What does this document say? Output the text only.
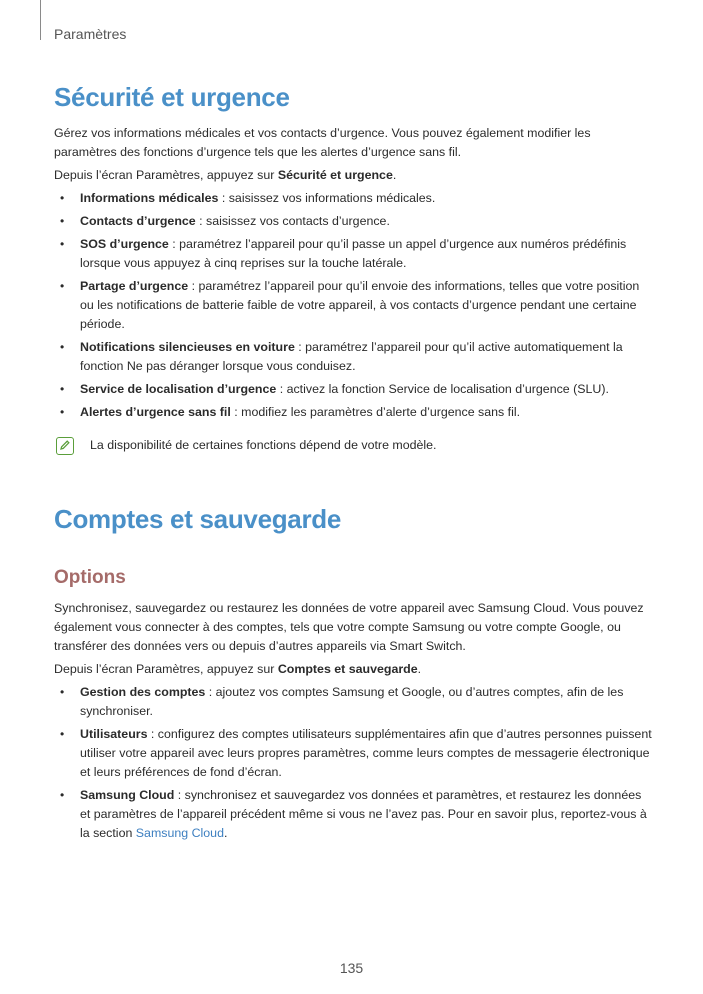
Paramètres
Sécurité et urgence

Gérez vos informations médicales et vos contacts d’urgence. Vous pouvez également modifier les paramètres des fonctions d’urgence tels que les alertes d’urgence sans fil.

Depuis l’écran Paramètres, appuyez sur Sécurité et urgence.

• Informations médicales : saisissez vos informations médicales.
• Contacts d’urgence : saisissez vos contacts d’urgence.
• SOS d’urgence : paramétrez l’appareil pour qu’il passe un appel d’urgence aux numéros prédéfinis lorsque vous appuyez à cinq reprises sur la touche latérale.
• Partage d’urgence : paramétrez l’appareil pour qu’il envoie des informations, telles que votre position ou les notifications de batterie faible de votre appareil, à vos contacts d’urgence pendant une certaine période.
• Notifications silencieuses en voiture : paramétrez l’appareil pour qu’il active automatiquement la fonction Ne pas déranger lorsque vous conduisez.
• Service de localisation d’urgence : activez la fonction Service de localisation d’urgence (SLU).
• Alertes d’urgence sans fil : modifiez les paramètres d’alerte d’urgence sans fil.
La disponibilité de certaines fonctions dépend de votre modèle.
Comptes et sauvegarde
Options

Synchronisez, sauvegardez ou restaurez les données de votre appareil avec Samsung Cloud. Vous pouvez également vous connecter à des comptes, tels que votre compte Samsung ou votre compte Google, ou transférer des données vers ou depuis d’autres appareils via Smart Switch.

Depuis l’écran Paramètres, appuyez sur Comptes et sauvegarde.

• Gestion des comptes : ajoutez vos comptes Samsung et Google, ou d’autres comptes, afin de les synchroniser.
• Utilisateurs : configurez des comptes utilisateurs supplémentaires afin que d’autres personnes puissent utiliser votre appareil avec leurs propres paramètres, comme leurs comptes de messagerie électronique et leurs préférences de fond d’écran.
• Samsung Cloud : synchronisez et sauvegardez vos données et paramètres, et restaurez les données et paramètres de l’appareil précédent même si vous ne l’avez pas. Pour en savoir plus, reportez-vous à la section Samsung Cloud.
135
